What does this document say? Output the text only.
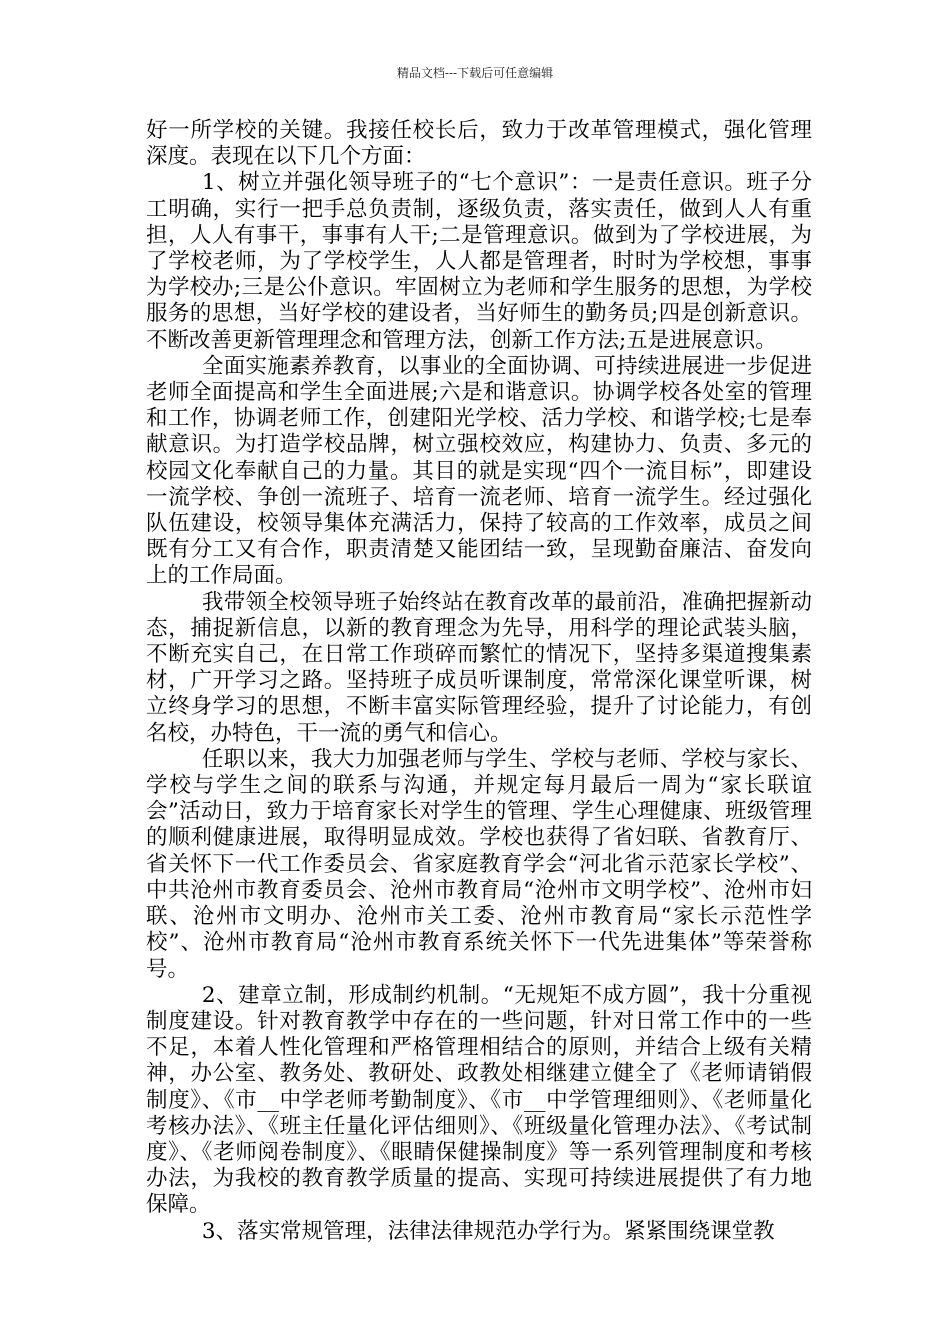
精品文档---下载后可任意编辑

好一所学校的关键。我接任校长后，致力于改革管理模式，强化管理深度。表现在以下几个方面：

1、树立并强化领导班子的“七个意识”：一是责任意识。班子分工明确，实行一把手总负责制，逐级负责，落实责任，做到人人有重担，人人有事干，事事有人干;二是管理意识。做到为了学校进展，为了学校老师，为了学校学生，人人都是管理者，时时为学校想，事事为学校办;三是公仆意识。牢固树立为老师和学生服务的思想，为学校服务的思想，当好学校的建设者，当好师生的勤务员;四是创新意识。不断改善更新管理理念和管理方法，创新工作方法;五是进展意识。

全面实施素养教育，以事业的全面协调、可持续进展进一步促进老师全面提高和学生全面进展;六是和谐意识。协调学校各处室的管理和工作，协调老师工作，创建阳光学校、活力学校、和谐学校;七是奉献意识。为打造学校品牌，树立强校效应，构建协力、负责、多元的校园文化奉献自己的力量。其目的就是实现“四个一流目标”，即建设一流学校、争创一流班子、培育一流老师、培育一流学生。经过强化队伍建设，校领导集体充满活力，保持了较高的工作效率，成员之间既有分工又有合作，职责清楚又能团结一致，呈现勤奋廉洁、奋发向上的工作局面。

我带领全校领导班子始终站在教育改革的最前沿，准确把握新动态，捕捉新信息，以新的教育理念为先导，用科学的理论武装头脑，不断充实自己，在日常工作琐碎而繁忙的情况下，坚持多渠道搜集素材，广开学习之路。坚持班子成员听课制度，常常深化课堂听课，树立终身学习的思想，不断丰富实际管理经验，提升了讨论能力，有创名校，办特色，干一流的勇气和信心。

任职以来，我大力加强老师与学生、学校与老师、学校与家长、学校与学生之间的联系与沟通，并规定每月最后一周为“家长联谊会”活动日，致力于培育家长对学生的管理、学生心理健康、班级管理的顺利健康进展，取得明显成效。学校也获得了省妇联、省教育厅、省关怀下一代工作委员会、省家庭教育学会“河北省示范家长学校”、中共沧州市教育委员会、沧州市教育局“沧州市文明学校”、沧州市妇联、沧州市文明办、沧州市关工委、沧州市教育局“家长示范性学校”、沧州市教育局“沧州市教育系统关怀下一代先进集体”等荣誉称号。

2、建章立制，形成制约机制。“无规矩不成方圆”，我十分重视制度建设。针对教育教学中存在的一些问题，针对日常工作中的一些不足，本着人性化管理和严格管理相结合的原则，并结合上级有关精神，办公室、教务处、教研处、政教处相继建立健全了《老师请销假制度》、《市__中学老师考勤制度》、《市__中学管理细则》、《老师量化考核办法》、《班主任量化评估细则》、《班级量化管理办法》、《考试制度》、《老师阅卷制度》、《眼睛保健操制度》等一系列管理制度和考核办法，为我校的教育教学质量的提高、实现可持续进展提供了有力地保障。

3、落实常规管理，法律法律规范办学行为。紧紧围绕课堂教
